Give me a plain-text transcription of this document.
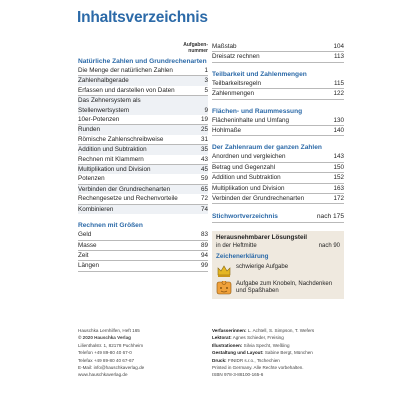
Inhaltsverzeichnis
Aufgaben-
nummer
Natürliche Zahlen und Grundrechenarten
Die Menge der natürlichen Zahlen	1
Zahlenhalbgerade	3
Erfassen und darstellen von Daten	5
Das Zehnersystem als Stellenwertsystem	9
10er-Potenzen	19
Runden	25
Römische Zahlenschreibweise	31
Addition und Subtraktion	35
Rechnen mit Klammern	43
Multiplikation und Division	45
Potenzen	59
Verbinden der Grundrechenarten	65
Rechengesetze und Rechenvorteile	72
Kombinieren	74
Rechnen mit Größen
Geld	83
Masse	89
Zeit	94
Längen	99
Maßstab	104
Dreisatz rechnen	113
Teilbarkeit und Zahlenmengen
Teilbarkeitsregeln	115
Zahlenmengen	122
Flächen- und Raummessung
Flächeninhalte und Umfang	130
Hohlmaße	140
Der Zahlenraum der ganzen Zahlen
Anordnen und vergleichen	143
Betrag und Gegenzahl	150
Addition und Subtraktion	152
Multiplikation und Division	163
Verbinden der Grundrechenarten	172
Stichwortverzeichnis	nach 175
Herausnehmbarer Lösungsteil
in der Heftmitte	nach 90
Zeichenerklärung
schwierige Aufgabe
Aufgabe zum Knobeln, Nachdenken und Spaßhaben
Hauschka Lernhilfen, Heft 165
© 2020 Hauschka Verlag
Lilienthalstr. 1, 82178 Puchheim
Telefon +49 89-80 40 67-0
Telefax +49 89-80 40 67-67
E-Mail: info@hauschkaverlag.de
www.hauschkaverlag.de
Verfasserinnen: L. Achtell, S. Simpson, T. Wefers
Lektorat: Agnes Schieder, Freising
Illustrationen: Silvia Specht, Weßling
Gestaltung und Layout: Sabine Bergt, München
Druck: FINIDR s.r.o., Tschechien
Printed in Germany. Alle Rechte vorbehalten.
ISBN 978-3-88100-165-6
